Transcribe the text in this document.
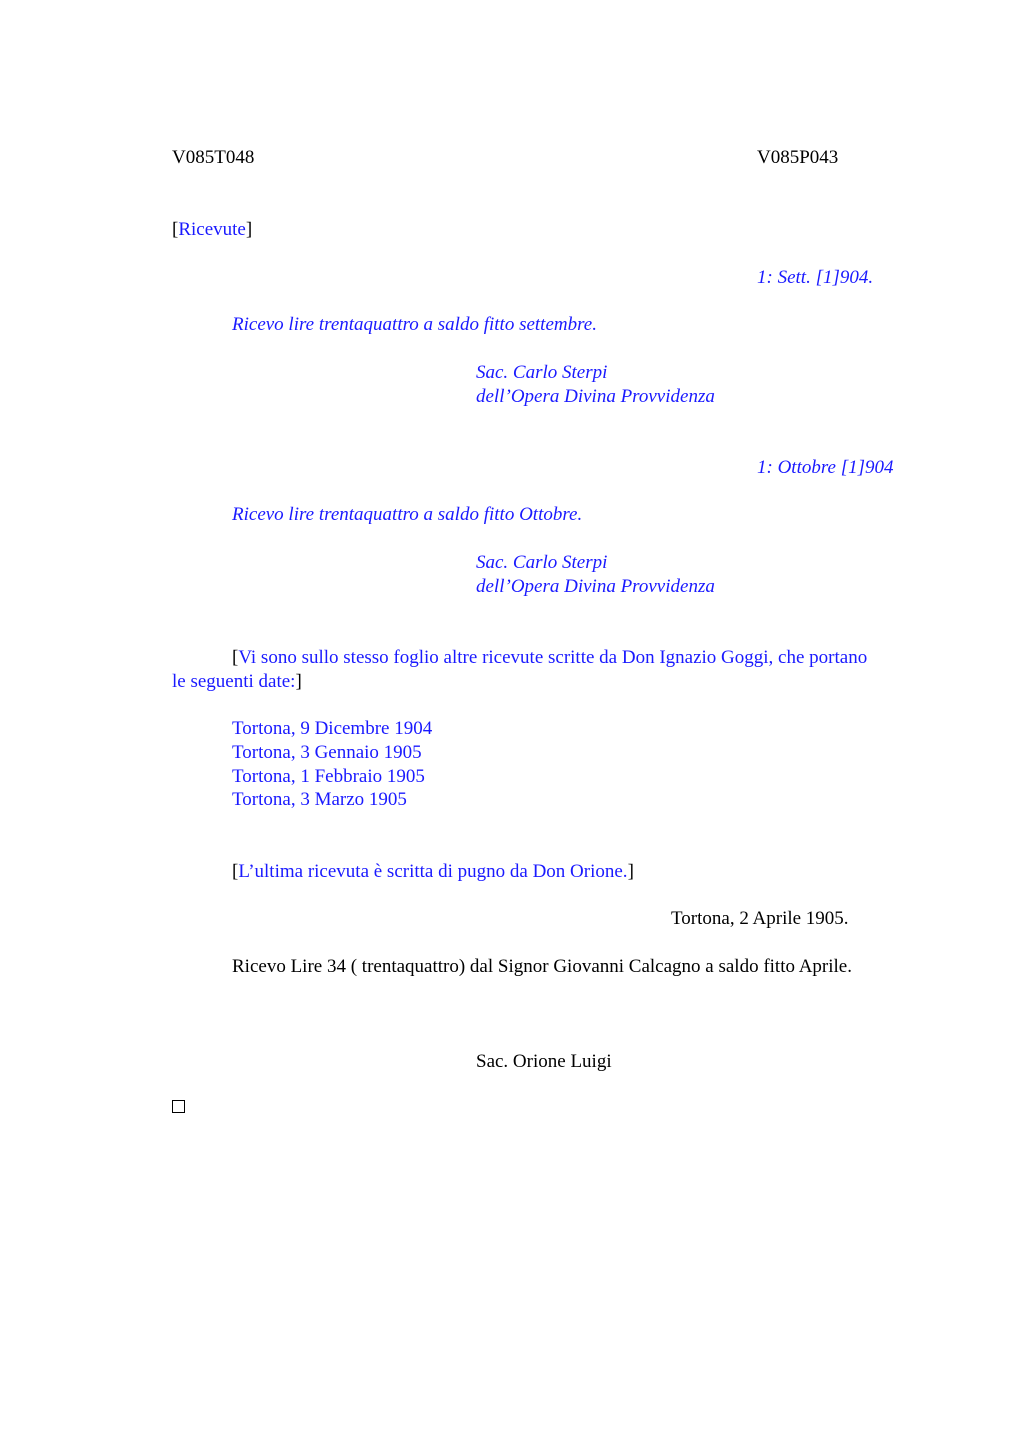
V085T048	V085P043
[Ricevute]
1: Sett. [1]904.
Ricevo lire trentaquattro a saldo fitto settembre.
Sac. Carlo Sterpi
dell’Opera Divina Provvidenza
1: Ottobre [1]904
Ricevo lire trentaquattro a saldo fitto Ottobre.
Sac. Carlo Sterpi
dell’Opera Divina Provvidenza
[Vi sono sullo stesso foglio altre ricevute scritte da Don Ignazio Goggi, che portano
le seguenti date:]
Tortona, 9 Dicembre 1904
Tortona, 3 Gennaio 1905
Tortona, 1 Febbraio 1905
Tortona, 3 Marzo 1905
[L’ultima ricevuta è scritta di pugno da Don Orione.]
Tortona, 2 Aprile 1905.
Ricevo Lire 34 ( trentaquattro) dal Signor Giovanni Calcagno a saldo fitto Aprile.
Sac. Orione Luigi
